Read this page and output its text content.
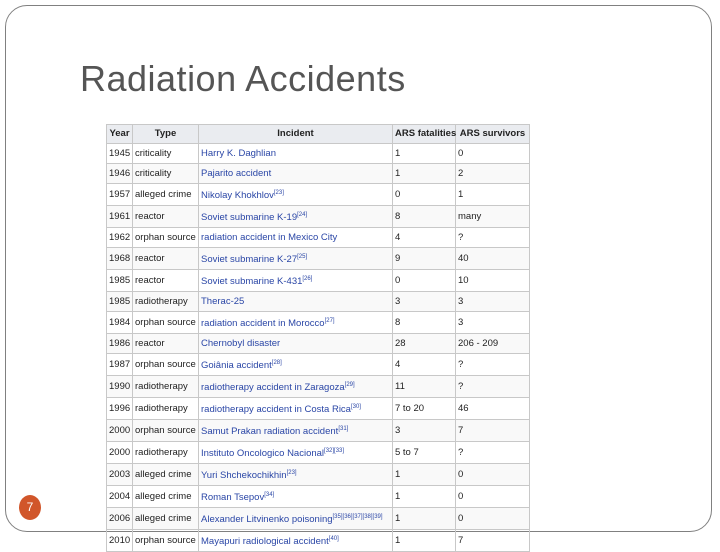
Radiation Accidents
Year	Type	Incident	ARS fatalities	ARS survivors
1945	criticality	Harry K. Daghlian	1	0
1946	criticality	Pajarito accident	1	2
1957	alleged crime	Nikolay Khokhlov[23]	0	1
1961	reactor	Soviet submarine K-19[24]	8	many
1962	orphan source	radiation accident in Mexico City	4	?
1968	reactor	Soviet submarine K-27[25]	9	40
1985	reactor	Soviet submarine K-431[26]	0	10
1985	radiotherapy	Therac-25	3	3
1984	orphan source	radiation accident in Morocco[27]	8	3
1986	reactor	Chernobyl disaster	28	206 - 209
1987	orphan source	Goiânia accident[28]	4	?
1990	radiotherapy	radiotherapy accident in Zaragoza[29]	11	?
1996	radiotherapy	radiotherapy accident in Costa Rica[30]	7 to 20	46
2000	orphan source	Samut Prakan radiation accident[31]	3	7
2000	radiotherapy	Instituto Oncologico Nacional[32][33]	5 to 7	?
2003	alleged crime	Yuri Shchekochikhin[23]	1	0
2004	alleged crime	Roman Tsepov[34]	1	0
2006	alleged crime	Alexander Litvinenko poisoning[35][36][37][38][39]	1	0
2010	orphan source	Mayapuri radiological accident[40]	1	7
7
